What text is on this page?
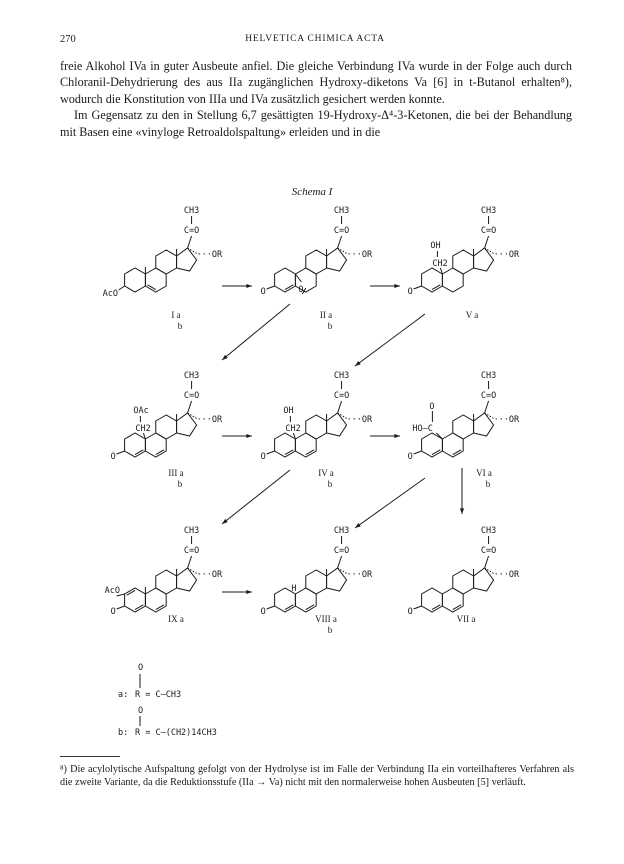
270	HELVETICA CHIMICA ACTA

freie Alkohol IVa in guter Ausbeute anfiel. Die gleiche Verbindung IVa wurde in der Folge auch durch Chloranil-Dehydrierung des aus IIa zugänglichen Hydroxy-diketons Va [6] in t-Butanol erhalten⁸), wodurch die Konstitution von IIIa und IVa zusätzlich gesichert werden konnte.

Im Gegensatz zu den in Stellung 6,7 gesättigten 19-Hydroxy-Δ⁴-3-Ketonen, die bei der Behandlung mit Basen eine «vinyloge Retroaldolspaltung» erleiden und in die

Schema I
C=O
CH3
···OR
AcO
I a
b
C=O
CH3
···OR
O
O
II a
b
C=O
CH3
···OR
CH2
OH
O
V a
C=O
CH3
···OR
CH2
OAc
O
III a
b
C=O
CH3
···OR
CH2
OH
O
IV a
b
C=O
CH3
···OR
HO–C
O
O
VI a
b
C=O
CH3
···OR
AcO
O
IX a
C=O
CH3
···OR
H
O
VIII a
b
C=O
CH3
···OR
O
VII a
O
a: R = C–CH3
O
b: R = C–(CH2)14CH3
⁸) Die acylolytische Aufspaltung gefolgt von der Hydrolyse ist im Falle der Verbindung IIa ein vorteilhafteres Verfahren als die zweite Variante, da die Reduktionsstufe (IIa → Va) nicht mit den normalerweise hohen Ausbeuten [5] verläuft.
